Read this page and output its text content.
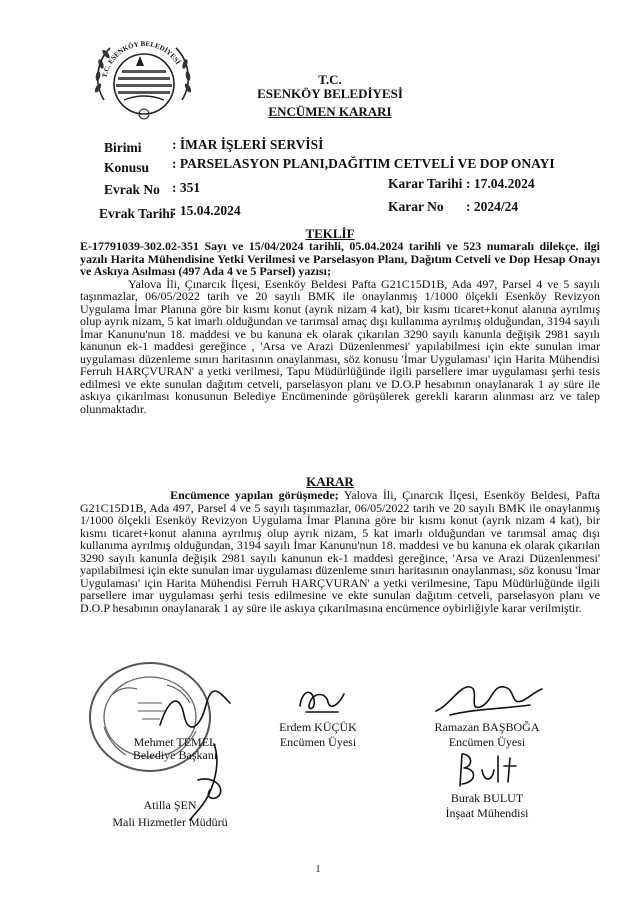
T.C. ESENKÖY BELEDİYESİ
T.C.
ESENKÖY BELEDİYESİ
ENCÜMEN KARARI
Birimi : İMAR İŞLERİ SERVİSİ
Konusu : PARSELASYON PLANI,DAĞITIM CETVELİ VE DOP ONAYI
Evrak No : 351	Karar Tarihi : 17.04.2024
Evrak Tarihi
: 15.04.2024	Karar No : 2024/24
TEKLİF
E-17791039-302.02-351 Sayı ve 15/04/2024 tarihli, 05.04.2024 tarihli ve 523 numaralı dilekçe. ilgi yazılı Harita Mühendisine Yetki Verilmesi ve Parselasyon Planı, Dağıtım Cetveli ve Dop Hesap Onayı ve Askıya Asılması (497 Ada 4 ve 5 Parsel) yazısı;
Yalova İli, Çınarcık İlçesi, Esenköy Beldesi Pafta G21C15D1B, Ada 497, Parsel 4 ve 5 sayılı taşınmazlar, 06/05/2022 tarih ve 20 sayılı BMK ile onaylanmış 1/1000 ölçekli Esenköy Revizyon Uygulama İmar Planına göre bir kısmı konut (ayrık nizam 4 kat), bir kısmı ticaret+konut alanına ayrılmış olup ayrık nizam, 5 kat imarlı olduğundan ve tarımsal amaç dışı kullanıma ayrılmış olduğundan, 3194 sayılı İmar Kanunu'nun 18. maddesi ve bu kanuna ek olarak çıkarılan 3290 sayılı kanunla değişik 2981 sayılı kanunun ek-1 maddesi gereğince , 'Arsa ve Arazi Düzenlenmesi' yapılabilmesi için ekte sunulan imar uygulaması düzenleme sınırı haritasının onaylanması, söz konusu 'İmar Uygulaması' için Harita Mühendisi Ferruh HARÇVURAN' a yetki verilmesi, Tapu Müdürlüğünde ilgili parsellere imar uygulaması şerhi tesis edilmesi ve ekte sunulan dağıtım cetveli, parselasyon planı ve D.O.P hesabının onaylanarak 1 ay süre ile askıya çıkarılması konusunun Belediye Encümeninde görüşülerek gerekli kararın alınması arz ve talep olunmaktadır.
KARAR
Encümence yapılan görüşmede; Yalova İli, Çınarcık İlçesi, Esenköy Beldesi, Pafta G21C15D1B, Ada 497, Parsel 4 ve 5 sayılı taşınmazlar, 06/05/2022 tarih ve 20 sayılı BMK ile onaylanmış 1/1000 ölçekli Esenköy Revizyon Uygulama İmar Planına göre bir kısmı konut (ayrık nizam 4 kat), bir kısmı ticaret+konut alanına ayrılmış olup ayrık nizam, 5 kat imarlı olduğundan ve tarımsal amaç dışı kullanıma ayrılmış olduğundan, 3194 sayılı İmar Kanunu'nun 18. maddesi ve bu kanuna ek olarak çıkarılan 3290 sayılı kanunla değişik 2981 sayılı kanunun ek-1 maddesi gereğince, 'Arsa ve Arazi Düzenlenmesi' yapılabilmesi için ekte sunulan imar uygulaması düzenleme sınırı haritasının onaylanması, söz konusu 'İmar Uygulaması' için Harita Mühendisi Ferruh HARÇVURAN' a yetki verilmesine, Tapu Müdürlüğünde ilgili parsellere imar uygulaması şerhi tesis edilmesine ve ekte sunulan dağıtım cetveli, parselasyon planı ve D.O.P hesabının onaylanarak 1 ay süre ile askıya çıkarılmasına encümence oybirliğiyle karar verilmiştir.
Mehmet TEMEL
Belediye Başkanı
Erdem KÜÇÜK
Encümen Üyesi
Ramazan BAŞBOĞA
Encümen Üyesi
Atilla ŞEN
Mali Hizmetler Müdürü
Burak BULUT
İnşaat Mühendisi
1
